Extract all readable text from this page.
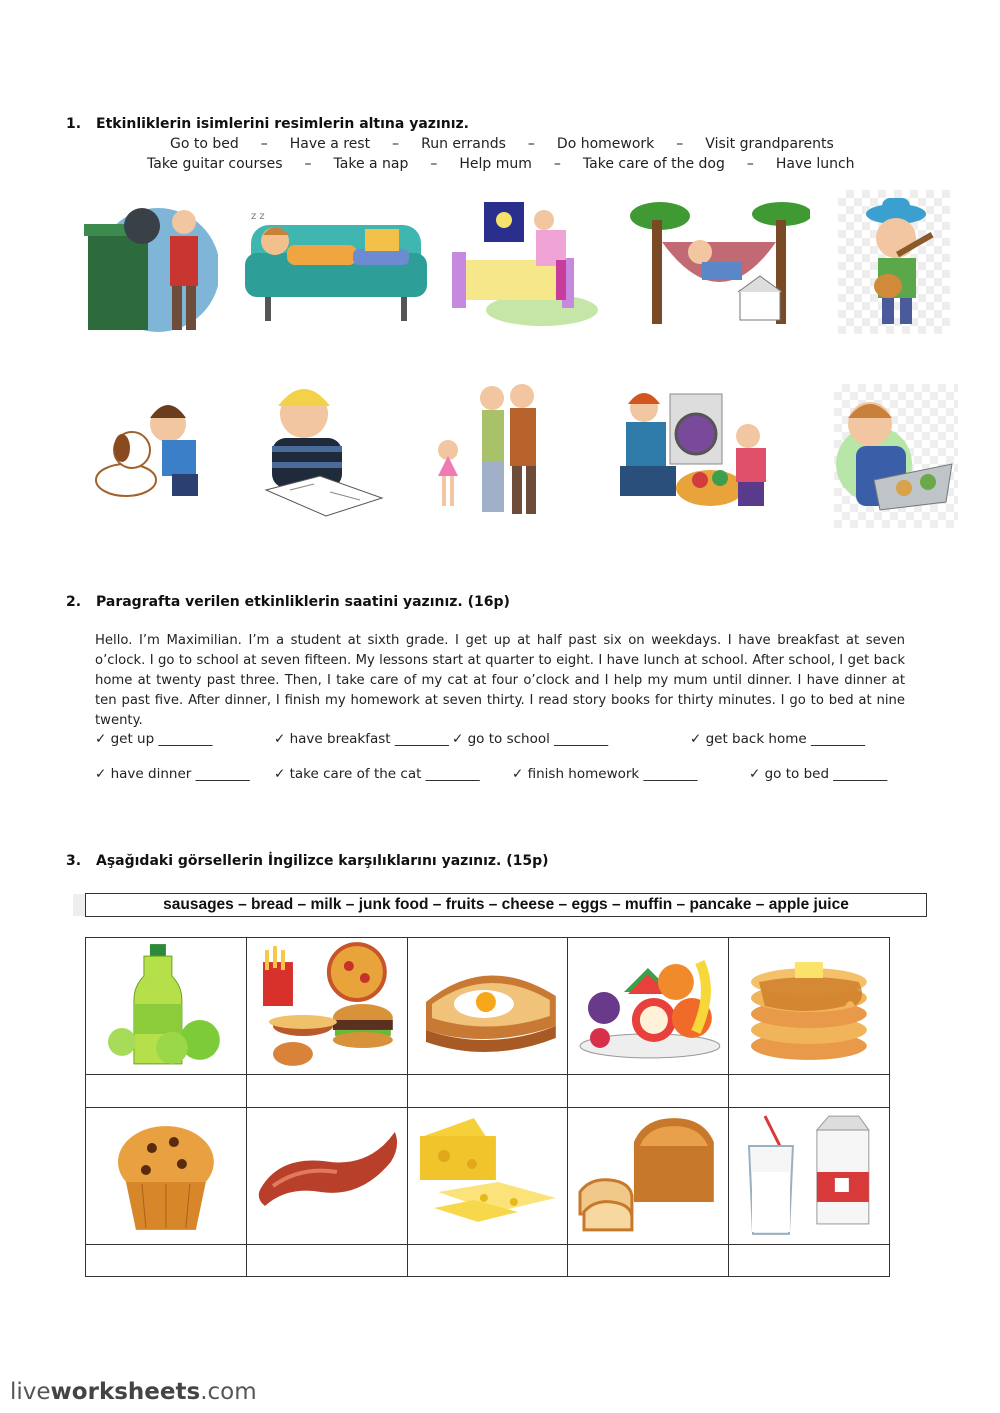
1. Etkinliklerin isimlerini resimlerin altına yazınız.
Go to bed – Have a rest – Run errands – Do homework – Visit grandparents
Take guitar courses – Take a nap – Help mum – Take care of the dog – Have lunch
z z
2. Paragrafta verilen etkinliklerin saatini yazınız. (16p)
Hello. I’m Maximilian. I’m a student at sixth grade. I get up at half past six on weekdays. I have breakfast at seven o’clock. I go to school at seven fifteen. My lessons start at quarter to eight. I have lunch at school. After school, I get back home at twenty past three. Then, I take care of my cat at four o’clock and I help my mum until dinner. I have dinner at ten past five. After dinner, I finish my homework at seven thirty. I read story books for thirty minutes. I go to bed at nine twenty.
✓ get up ________	✓ have breakfast ________ ✓ go to school ________	✓ get back home ________
✓ have dinner ________ ✓ take care of the cat ________ ✓ finish homework ________	✓ go to bed ________
3. Aşağıdaki görsellerin İngilizce karşılıklarını yazınız. (15p)
sausages – bread – milk – junk food – fruits – cheese – eggs – muffin – pancake – apple juice

liveworksheets.com
